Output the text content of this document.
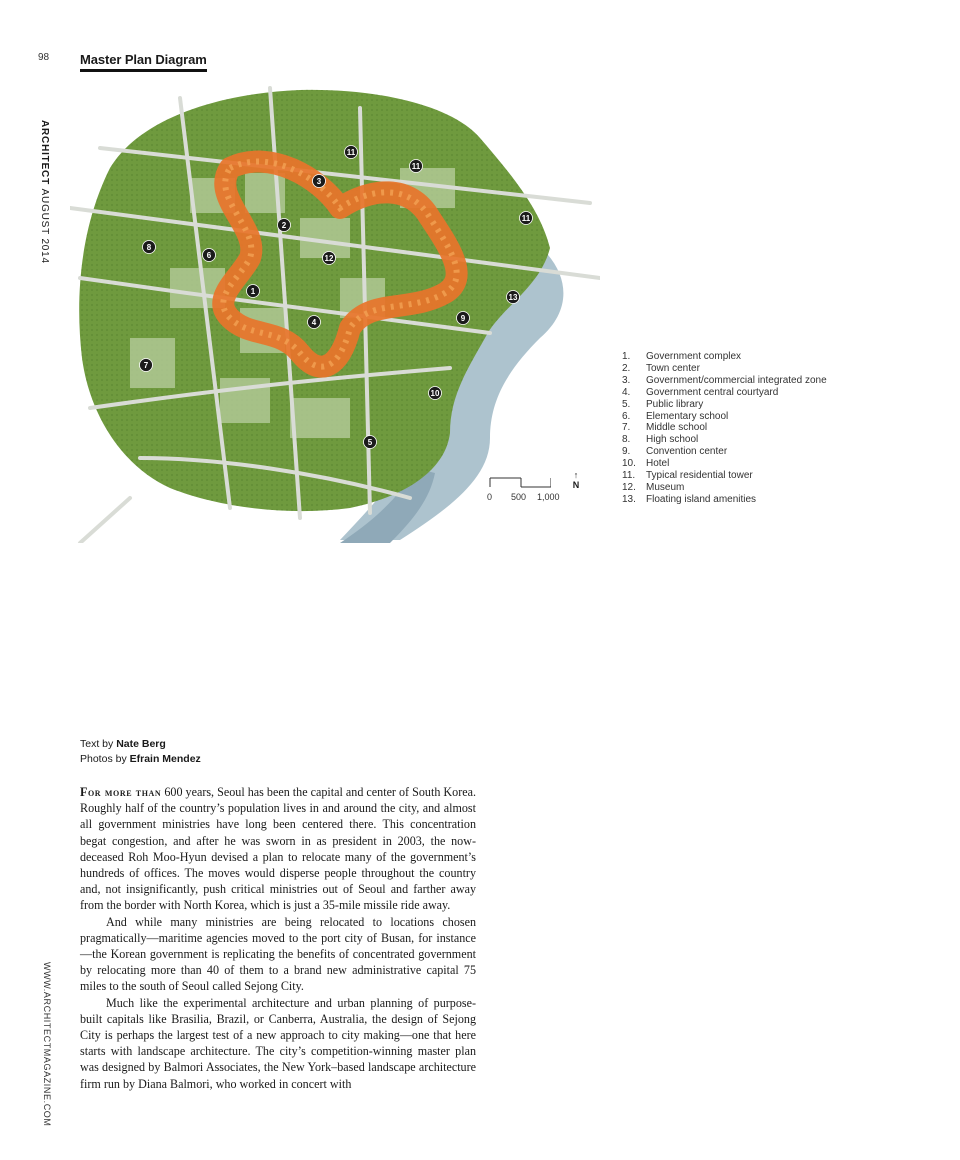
98 Master Plan Diagram
ARCHITECT AUGUST 2014
WWW.ARCHITECTMAGAZINE.COM
11
11
3
11
2
8
6	12
1
13
9
4
7
10
5
0 500 1,000
↑
N
1.	Government complex
2.	Town center
3.	Government/commercial integrated zone
4.	Government central courtyard
5.	Public library
6.	Elementary school
7.	Middle school
8.	High school
9.	Convention center
10.	Hotel
11.	Typical residential tower
12.	Museum
13.	Floating island amenities
Text by Nate Berg
Photos by Efrain Mendez

For more than 600 years, Seoul has been the capital and center of South Korea. Roughly half of the country’s population lives in and around the city, and almost all government ministries have long been centered there. This concentration begat congestion, and after he was sworn in as president in 2003, the now-deceased Roh Moo-Hyun devised a plan to relocate many of the government’s hundreds of offices. The moves would disperse people throughout the country and, not insignificantly, push critical ministries out of Seoul and farther away from the border with North Korea, which is just a 35-mile missile ride away.

And while many ministries are being relocated to locations chosen pragmatically—maritime agencies moved to the port city of Busan, for instance—the Korean government is replicating the benefits of concentrated government by relocating more than 40 of them to a brand new administrative capital 75 miles to the south of Seoul called Sejong City.

Much like the experimental architecture and urban planning of purpose-built capitals like Brasilia, Brazil, or Canberra, Australia, the design of Sejong City is perhaps the largest test of a new approach to city making—one that here starts with landscape architecture. The city’s competition-winning master plan was designed by Balmori Associates, the New York–based landscape architecture firm run by Diana Balmori, who worked in concert with
